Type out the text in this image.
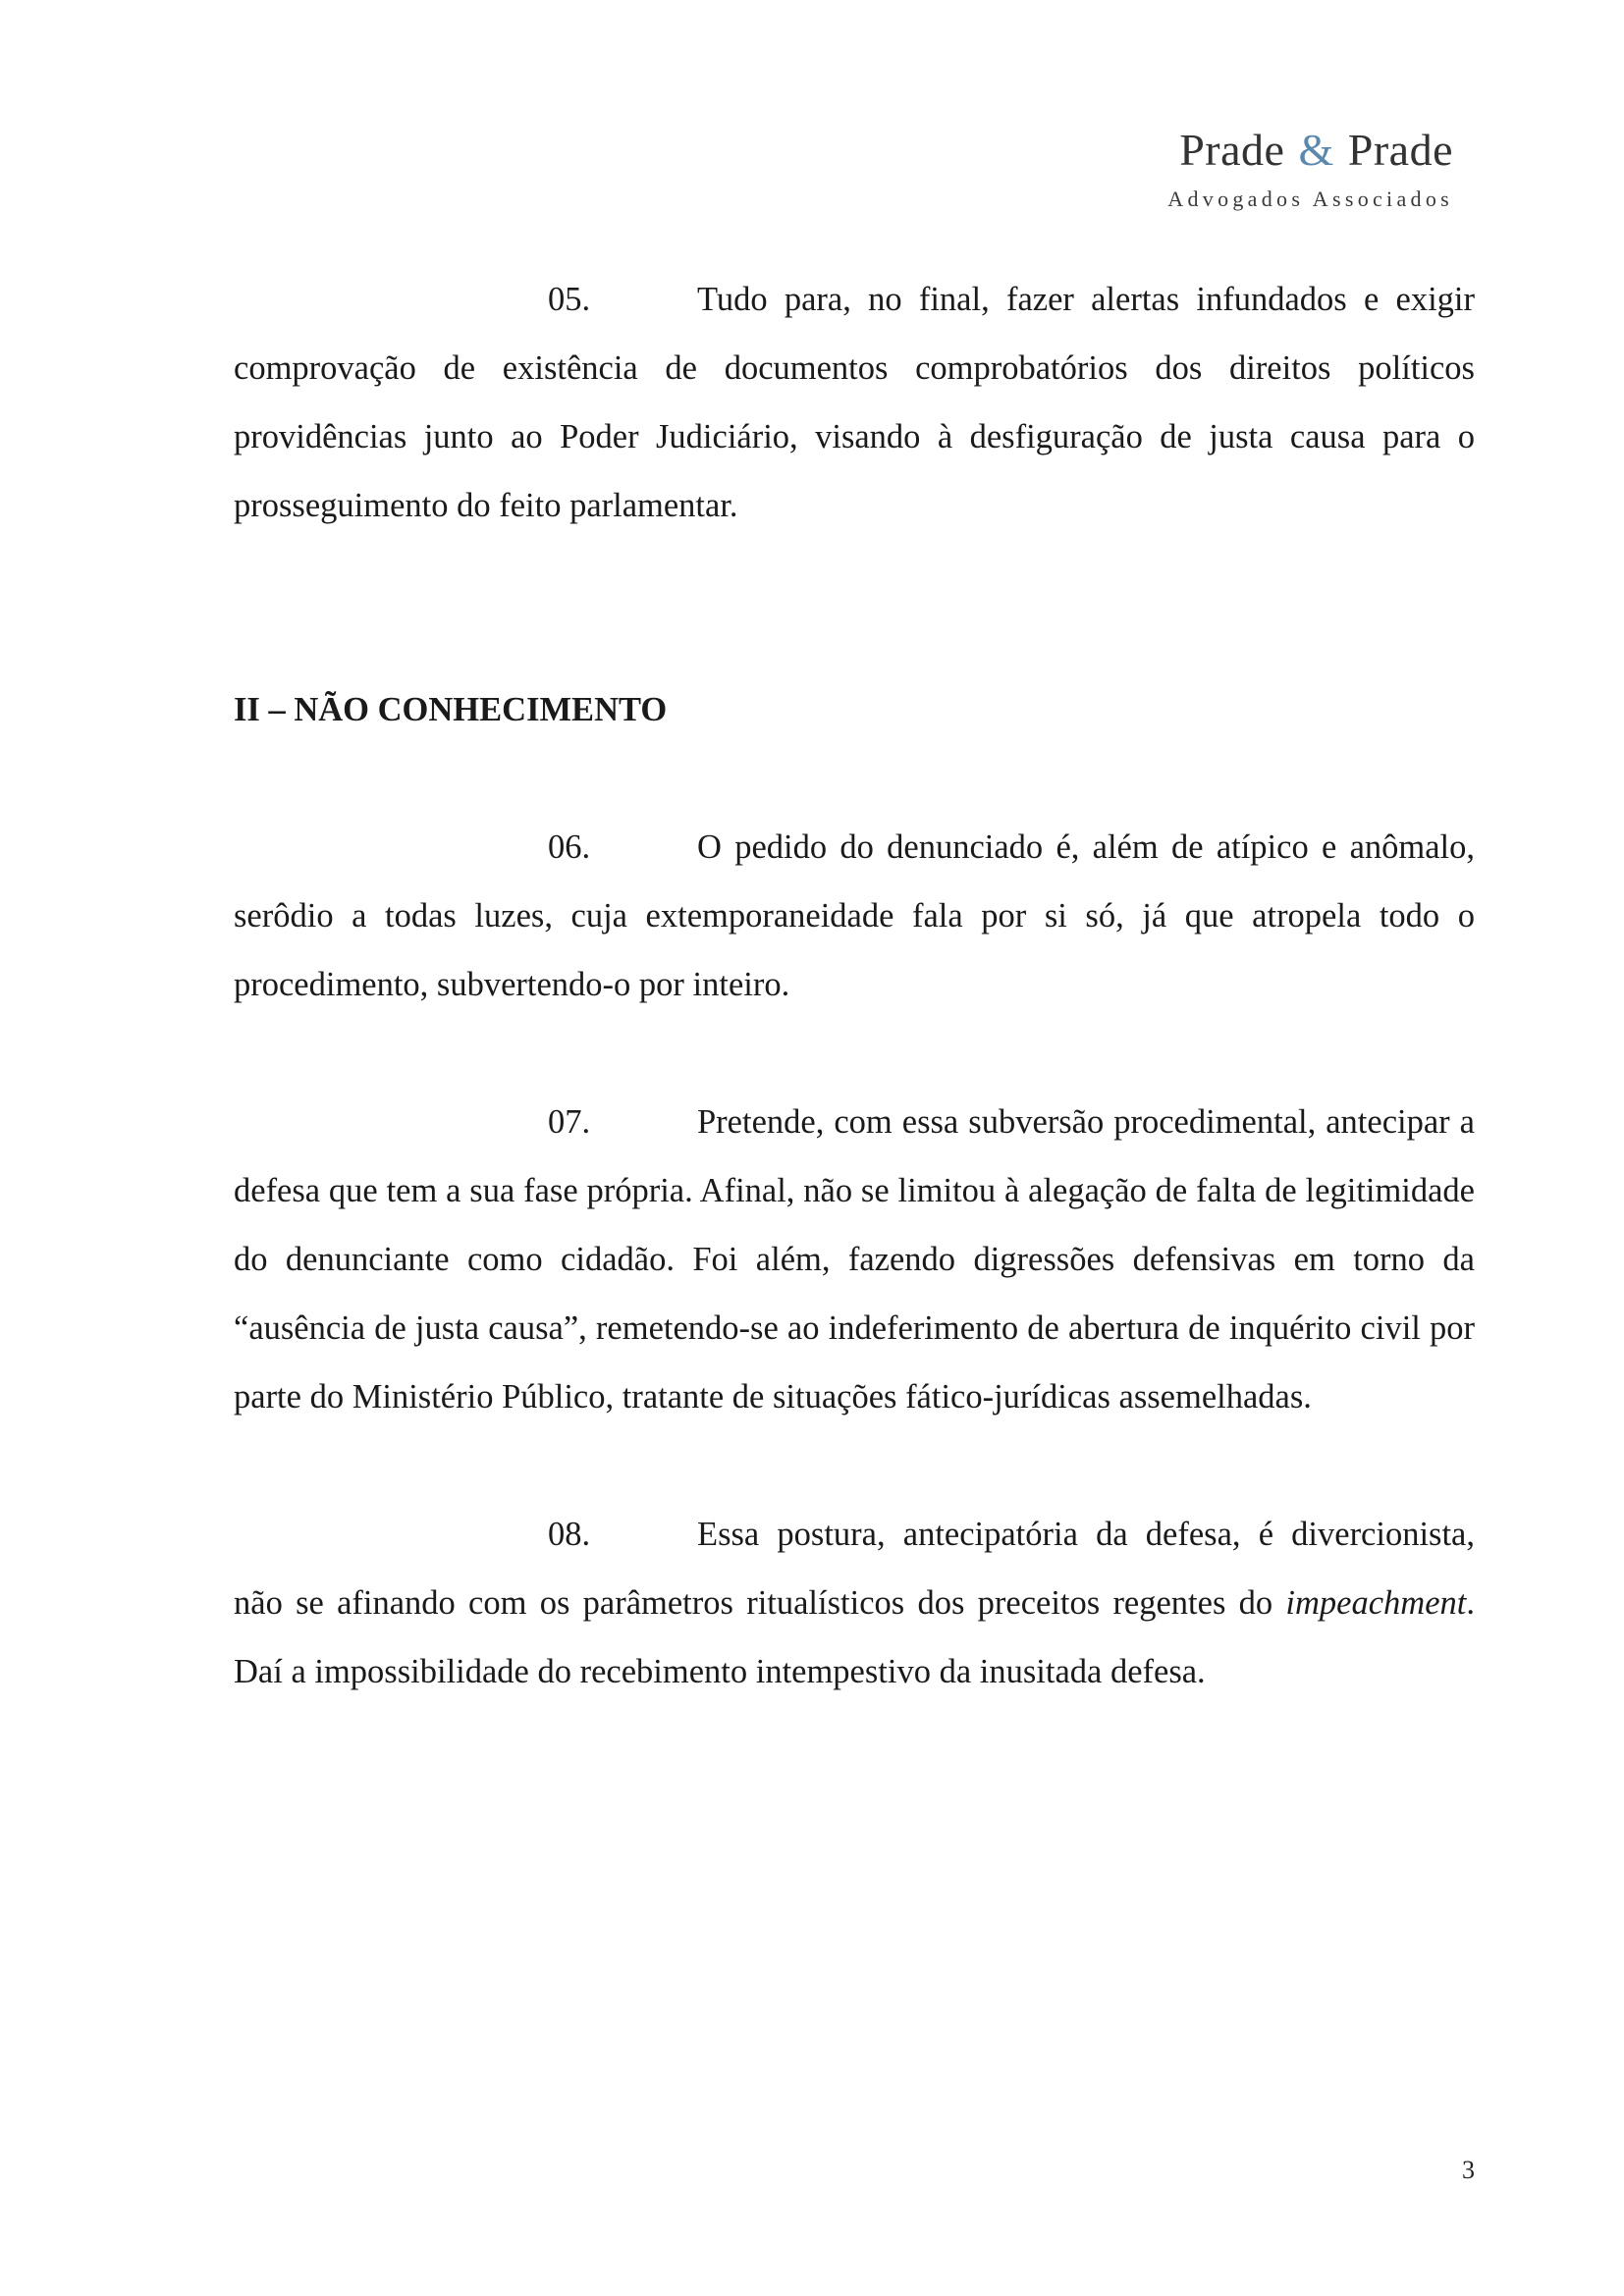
Prade & Prade
Advogados Associados

05.	Tudo para, no final, fazer alertas infundados e exigir comprovação de existência de documentos comprobatórios dos direitos políticos providências junto ao Poder Judiciário, visando à desfiguração de justa causa para o prosseguimento do feito parlamentar.

II – NÃO CONHECIMENTO

06.	O pedido do denunciado é, além de atípico e anômalo, serôdio a todas luzes, cuja extemporaneidade fala por si só, já que atropela todo o procedimento, subvertendo-o por inteiro.

07.	Pretende, com essa subversão procedimental, antecipar a defesa que tem a sua fase própria. Afinal, não se limitou à alegação de falta de legitimidade do denunciante como cidadão. Foi além, fazendo digressões defensivas em torno da “ausência de justa causa”, remetendo-se ao indeferimento de abertura de inquérito civil por parte do Ministério Público, tratante de situações fático-jurídicas assemelhadas.

08.	Essa postura, antecipatória da defesa, é divercionista, não se afinando com os parâmetros ritualísticos dos preceitos regentes do impeachment. Daí a impossibilidade do recebimento intempestivo da inusitada defesa.

3
